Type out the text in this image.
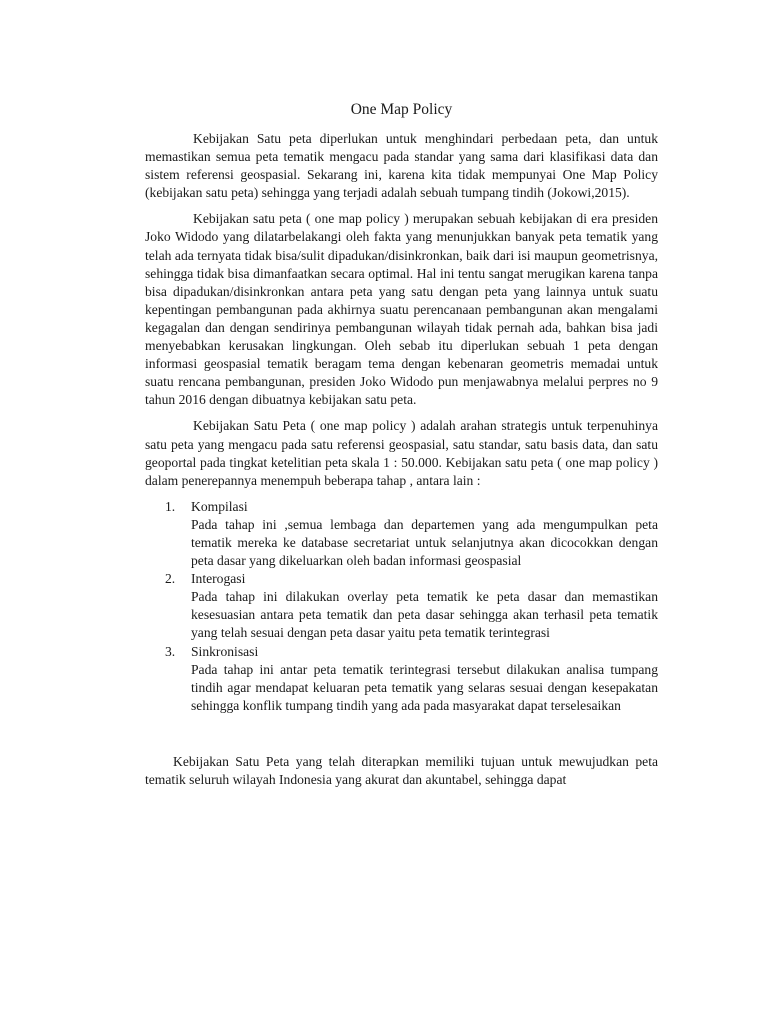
One Map Policy

Kebijakan Satu peta diperlukan untuk menghindari perbedaan peta, dan untuk memastikan semua peta tematik mengacu pada standar yang sama dari klasifikasi data dan sistem referensi geospasial. Sekarang ini, karena kita tidak mempunyai One Map Policy (kebijakan satu peta) sehingga yang terjadi adalah sebuah tumpang tindih (Jokowi,2015).

Kebijakan satu peta ( one map policy ) merupakan sebuah kebijakan di era presiden Joko Widodo yang dilatarbelakangi oleh fakta yang menunjukkan banyak peta tematik yang telah ada ternyata tidak bisa/sulit dipadukan/disinkronkan, baik dari isi maupun geometrisnya, sehingga tidak bisa dimanfaatkan secara optimal. Hal ini tentu sangat merugikan karena tanpa bisa dipadukan/disinkronkan antara peta yang satu dengan peta yang lainnya untuk suatu kepentingan pembangunan pada akhirnya suatu perencanaan pembangunan akan mengalami kegagalan dan dengan sendirinya pembangunan wilayah tidak pernah ada, bahkan bisa jadi menyebabkan kerusakan lingkungan. Oleh sebab itu diperlukan sebuah 1 peta dengan informasi geospasial tematik beragam tema dengan kebenaran geometris memadai untuk suatu rencana pembangunan, presiden Joko Widodo pun menjawabnya melalui perpres no 9 tahun 2016 dengan dibuatnya kebijakan satu peta.

Kebijakan Satu Peta ( one map policy ) adalah arahan strategis untuk terpenuhinya satu peta yang mengacu pada satu referensi geospasial, satu standar, satu basis data, dan satu geoportal pada tingkat ketelitian peta skala 1 : 50.000. Kebijakan satu peta ( one map policy ) dalam penerepannya menempuh beberapa tahap , antara lain :

1.	Kompilasi

Pada tahap ini ,semua lembaga dan departemen yang ada mengumpulkan peta tematik mereka ke database secretariat untuk selanjutnya akan dicocokkan dengan peta dasar yang dikeluarkan oleh badan informasi geospasial

2.	Interogasi

Pada tahap ini dilakukan overlay peta tematik ke peta dasar dan memastikan kesesuasian antara peta tematik dan peta dasar sehingga akan terhasil peta tematik yang telah sesuai dengan peta dasar yaitu peta tematik terintegrasi

3.	Sinkronisasi

Pada tahap ini antar peta tematik terintegrasi tersebut dilakukan analisa tumpang tindih agar mendapat keluaran peta tematik yang selaras sesuai dengan kesepakatan sehingga konflik tumpang tindih yang ada pada masyarakat dapat terselesaikan

Kebijakan Satu Peta yang telah diterapkan memiliki tujuan untuk mewujudkan peta tematik seluruh wilayah Indonesia yang akurat dan akuntabel, sehingga dapat
